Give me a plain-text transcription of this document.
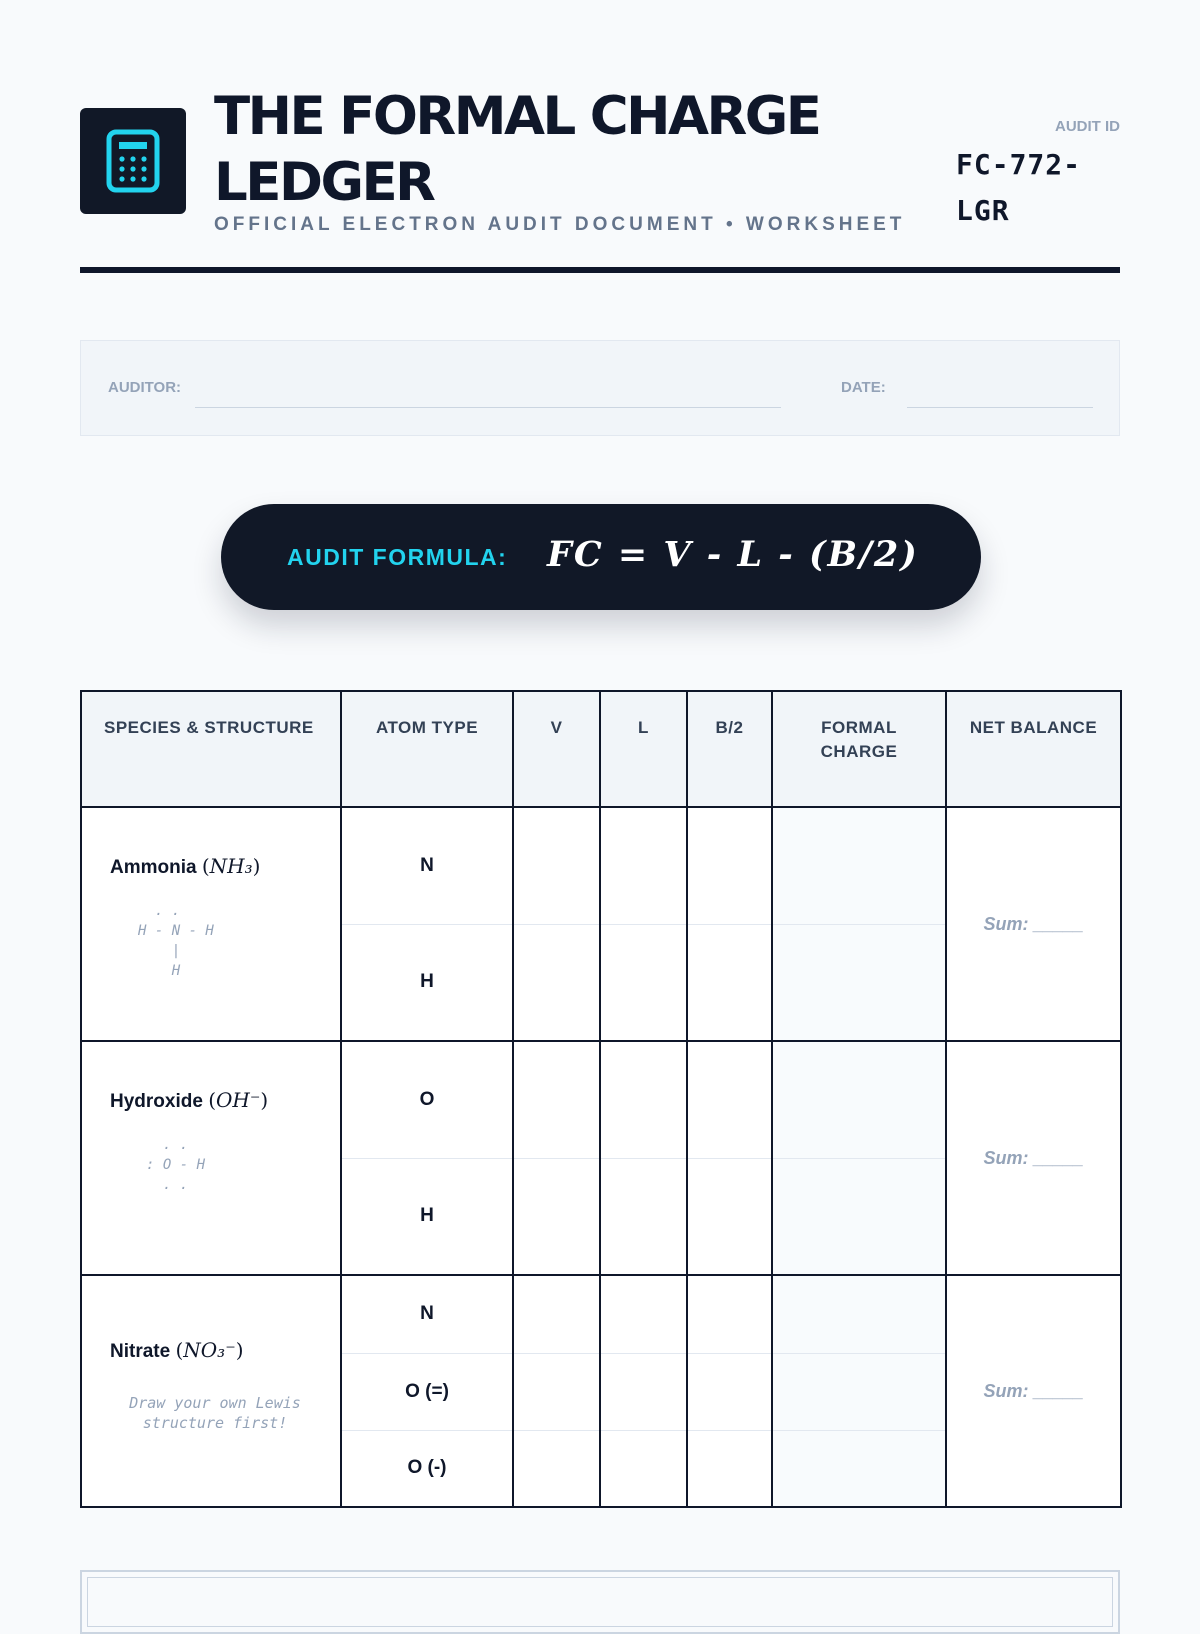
THE FORMAL CHARGE LEDGER
OFFICIAL ELECTRON AUDIT DOCUMENT • WORKSHEET
AUDIT ID
FC-772-LGR
AUDITOR:	DATE:
AUDIT FORMULA: FC = V - L - (B/2)
SPECIES & STRUCTURE	ATOM TYPE	V	L	B/2	FORMAL CHARGE	NET BALANCE

Ammonia (NH₃)
. .
H - N - H
|
H	N					Sum: _____
	H					

Hydroxide (OH⁻)
. .
: O - H
. .	O					Sum: _____
	H					

Nitrate (NO₃⁻)
Draw your own Lewis structure first!	N					Sum: _____
	O (=)					
	O (-)					
